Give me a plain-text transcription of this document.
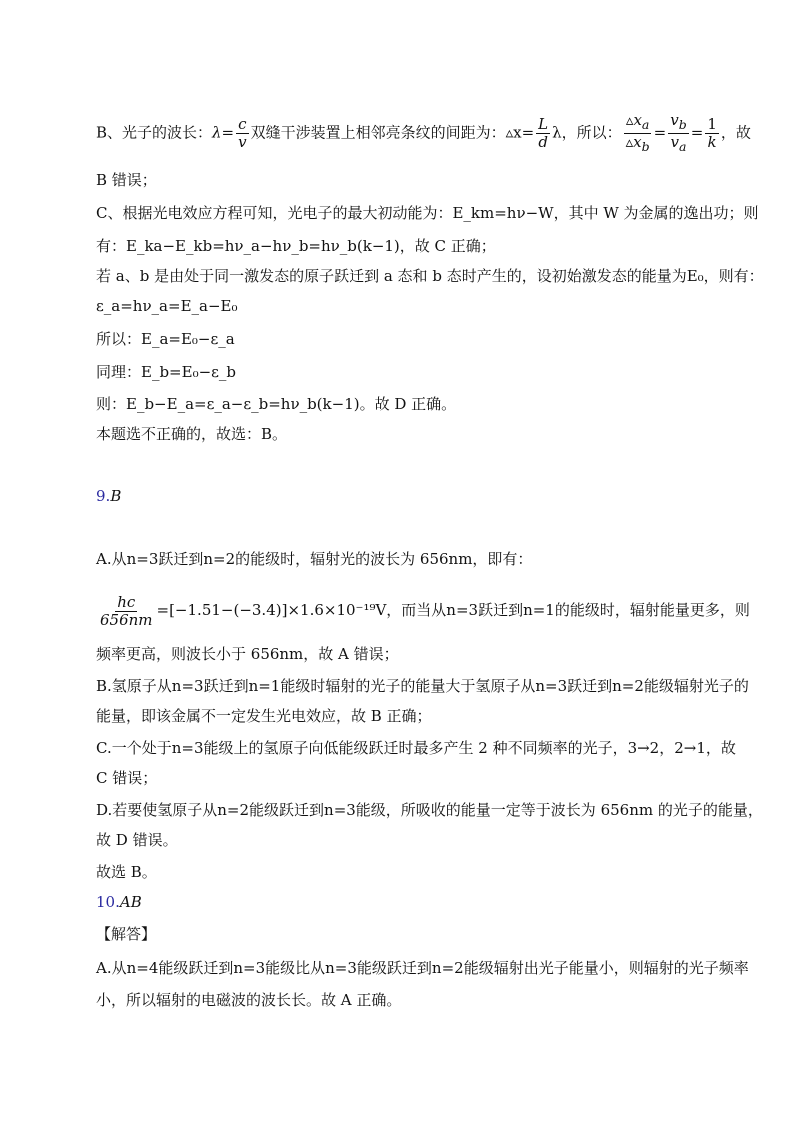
B、光子的波长：$\lambda= \frac{c}{v}$ 双缝干涉装置上相邻亮条纹的间距为：▵x= $\frac{L}{d}$ λ，所以： $\frac{▵x_a}{▵x_b} = \frac{v_b}{v_a} = \frac{1}{k}$ ，故
B 错误；
C、根据光电效应方程可知，光电子的最大初动能为：E_km=hν−W，其中 W 为金属的逸出功；则
有：E_ka−E_kb=hν_a−hν_b=hν_b(k−1)，故 C 正确；
若 a、b 是由处于同一激发态的原子跃迁到 a 态和 b 态时产生的，设初始激发态的能量为E₀，则有：
ε_a=hν_a=E_a−E₀
所以：E_a=E₀−ε_a
同理：E_b=E₀−ε_b
则：E_b−E_a=ε_a−ε_b=hν_b(k−1)。故 D 正确。
本题选不正确的，故选：B。
9.B
A.从n=3跃迁到n=2的能级时，辐射光的波长为 656nm，即有：
$\frac{hc}{656nm} =[-1.51-(-3.4)]\times 1.6\times 10^{-19}V$，而当从n=3跃迁到n=1的能级时，辐射能量更多，则
频率更高，则波长小于 656nm，故 A 错误；
B.氢原子从n=3跃迁到n=1能级时辐射的光子的能量大于氢原子从n=3跃迁到n=2能级辐射光子的
能量，即该金属不一定发生光电效应，故 B 正确；
C.一个处于n=3能级上的氢原子向低能级跃迁时最多产生 2 种不同频率的光子，3→2，2→1，故
C 错误；
D.若要使氢原子从n=2能级跃迁到n=3能级，所吸收的能量一定等于波长为 656nm 的光子的能量，
故 D 错误。
故选 B。
10.AB
【解答】
A.从n=4能级跃迁到n=3能级比从n=3能级跃迁到n=2能级辐射出光子能量小，则辐射的光子频率
小，所以辐射的电磁波的波长长。故 A 正确。
